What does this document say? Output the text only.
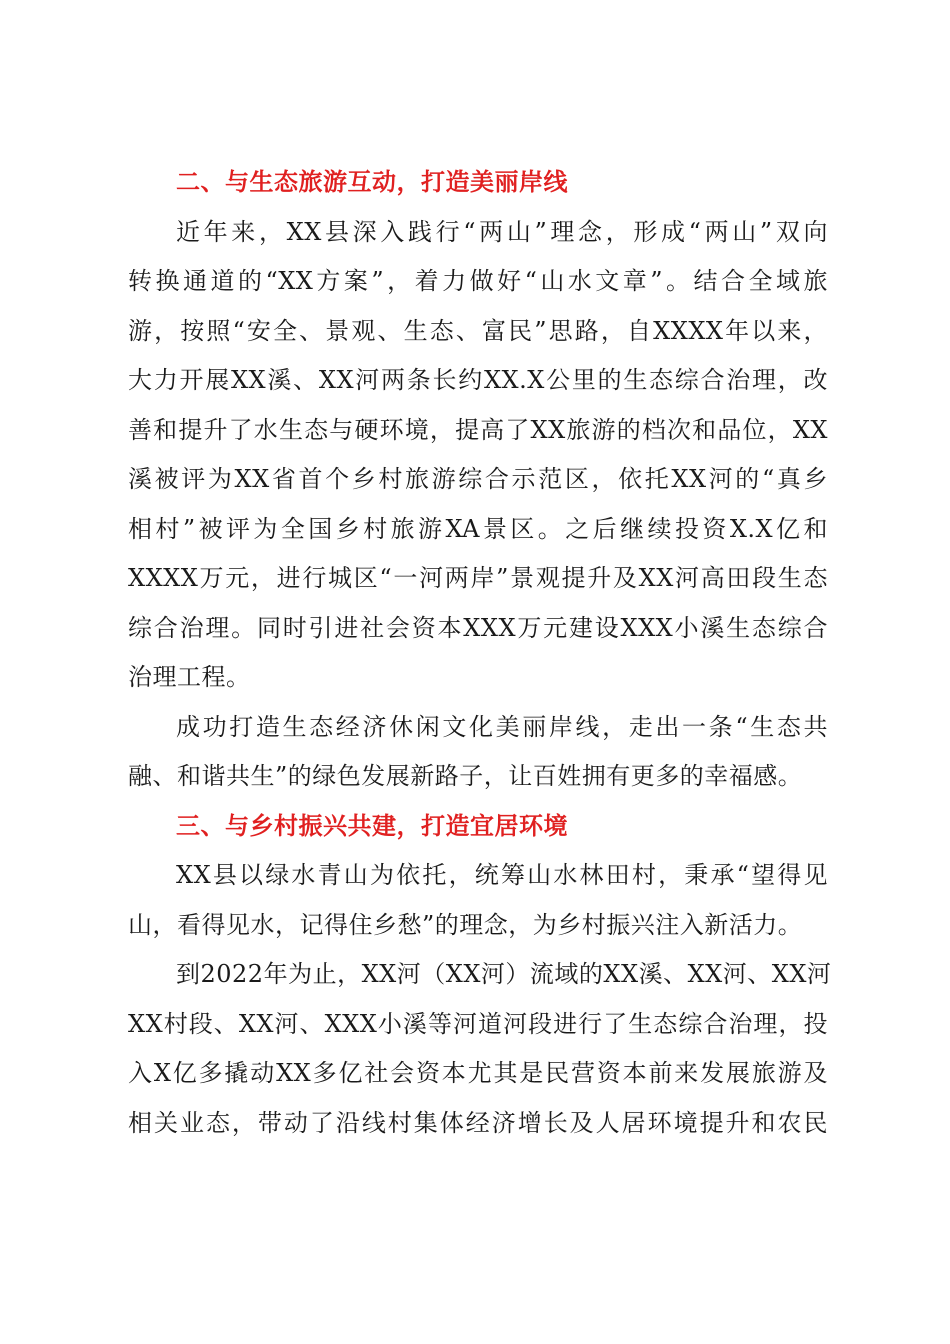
二、与生态旅游互动，打造美丽岸线
近年来，XX县深入践行“两山”理念，形成“两山”双向
转换通道的“XX方案”，着力做好“山水文章”。结合全域旅
游，按照“安全、景观、生态、富民”思路，自XXXX年以来，
大力开展XX溪、XX河两条长约XX.X公里的生态综合治理，改
善和提升了水生态与硬环境，提高了XX旅游的档次和品位，XX
溪被评为XX省首个乡村旅游综合示范区，依托XX河的“真乡
相村”被评为全国乡村旅游XA景区。之后继续投资X.X亿和
XXXX万元，进行城区“一河两岸”景观提升及XX河高田段生态
综合治理。同时引进社会资本XXX万元建设XXX小溪生态综合
治理工程。
成功打造生态经济休闲文化美丽岸线，走出一条“生态共
融、和谐共生”的绿色发展新路子，让百姓拥有更多的幸福感。
三、与乡村振兴共建，打造宜居环境
XX县以绿水青山为依托，统筹山水林田村，秉承“望得见
山，看得见水，记得住乡愁”的理念，为乡村振兴注入新活力。
到2022年为止，XX河（XX河）流域的XX溪、XX河、XX河
XX村段、XX河、XXX小溪等河道河段进行了生态综合治理，投
入X亿多撬动XX多亿社会资本尤其是民营资本前来发展旅游及
相关业态，带动了沿线村集体经济增长及人居环境提升和农民
